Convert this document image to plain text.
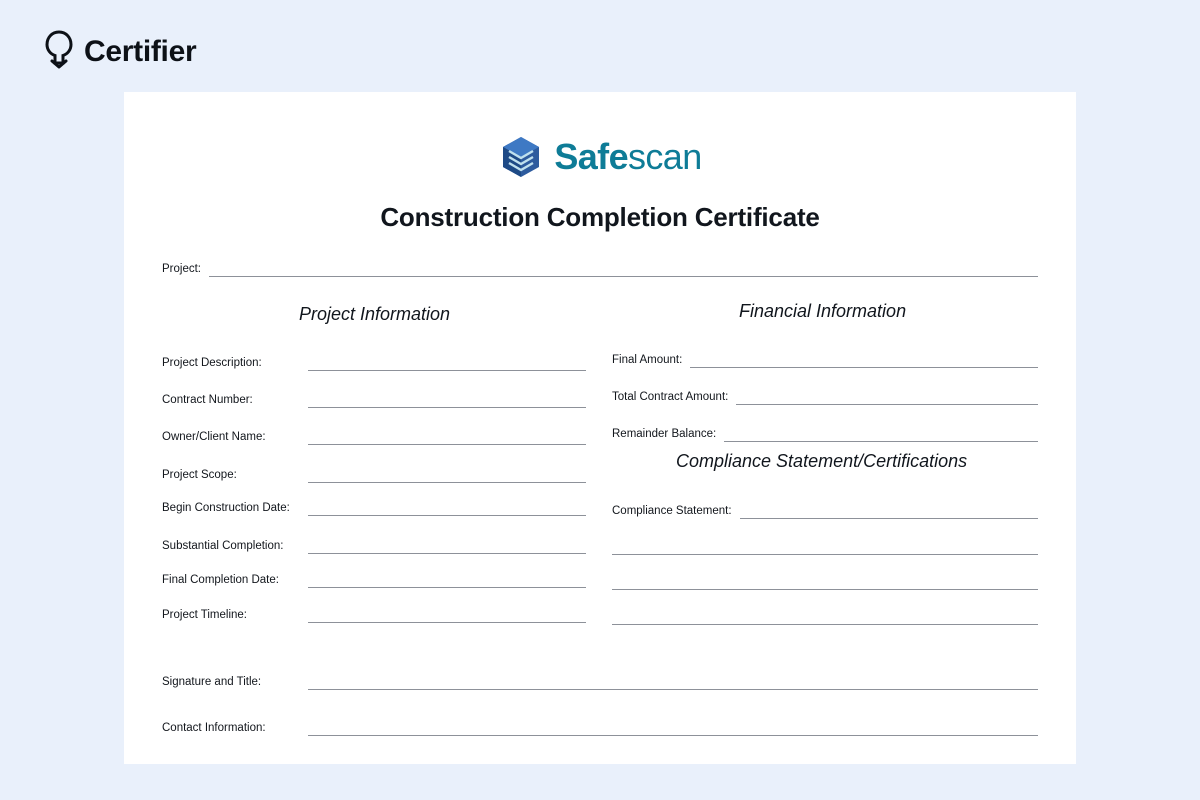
Certifier
Safescan
Construction Completion Certificate
Project:
Project Information	Financial Information
Compliance Statement/Certifications
Project Description:
Contract Number:
Owner/Client Name:
Project Scope:
Begin Construction Date:
Substantial Completion:
Final Completion Date:
Project Timeline:
Final Amount:
Total Contract Amount:
Remainder Balance:
Compliance Statement:
Signature and Title:
Contact Information:
